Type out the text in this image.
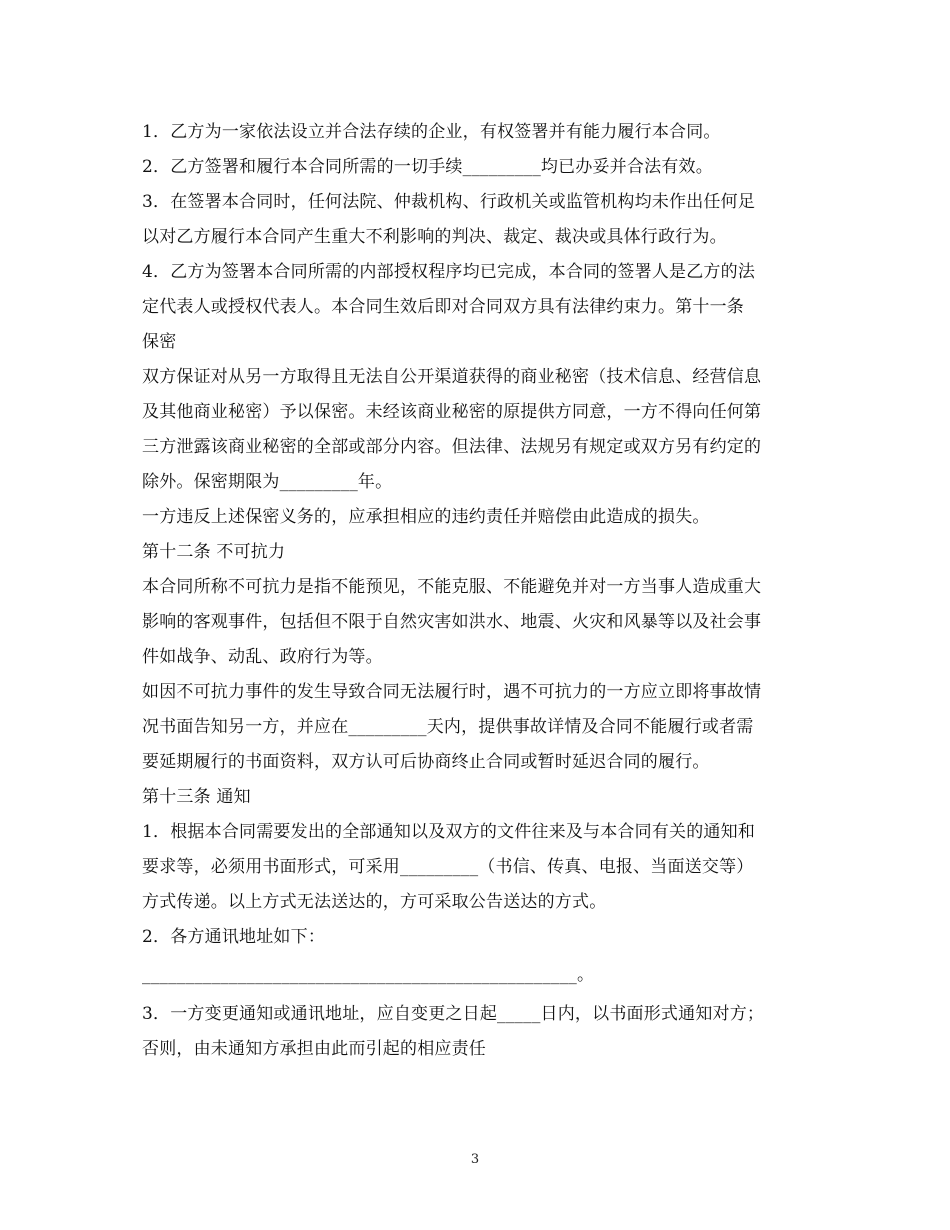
1．乙方为一家依法设立并合法存续的企业，有权签署并有能力履行本合同。
2．乙方签署和履行本合同所需的一切手续_________均已办妥并合法有效。
3．在签署本合同时，任何法院、仲裁机构、行政机关或监管机构均未作出任何足
以对乙方履行本合同产生重大不利影响的判决、裁定、裁决或具体行政行为。
4．乙方为签署本合同所需的内部授权程序均已完成，本合同的签署人是乙方的法
定代表人或授权代表人。本合同生效后即对合同双方具有法律约束力。第十一条
保密
双方保证对从另一方取得且无法自公开渠道获得的商业秘密（技术信息、经营信息
及其他商业秘密）予以保密。未经该商业秘密的原提供方同意，一方不得向任何第
三方泄露该商业秘密的全部或部分内容。但法律、法规另有规定或双方另有约定的
除外。保密期限为_________年。
一方违反上述保密义务的，应承担相应的违约责任并赔偿由此造成的损失。
第十二条 不可抗力
本合同所称不可抗力是指不能预见，不能克服、不能避免并对一方当事人造成重大
影响的客观事件，包括但不限于自然灾害如洪水、地震、火灾和风暴等以及社会事
件如战争、动乱、政府行为等。
如因不可抗力事件的发生导致合同无法履行时，遇不可抗力的一方应立即将事故情
况书面告知另一方，并应在_________天内，提供事故详情及合同不能履行或者需
要延期履行的书面资料，双方认可后协商终止合同或暂时延迟合同的履行。
第十三条 通知
1．根据本合同需要发出的全部通知以及双方的文件往来及与本合同有关的通知和
要求等，必须用书面形式，可采用_________（书信、传真、电报、当面送交等）
方式传递。以上方式无法送达的，方可采取公告送达的方式。
2．各方通讯地址如下：
__________________________________________________。
3．一方变更通知或通讯地址，应自变更之日起_____日内，以书面形式通知对方；
否则，由未通知方承担由此而引起的相应责任
3
